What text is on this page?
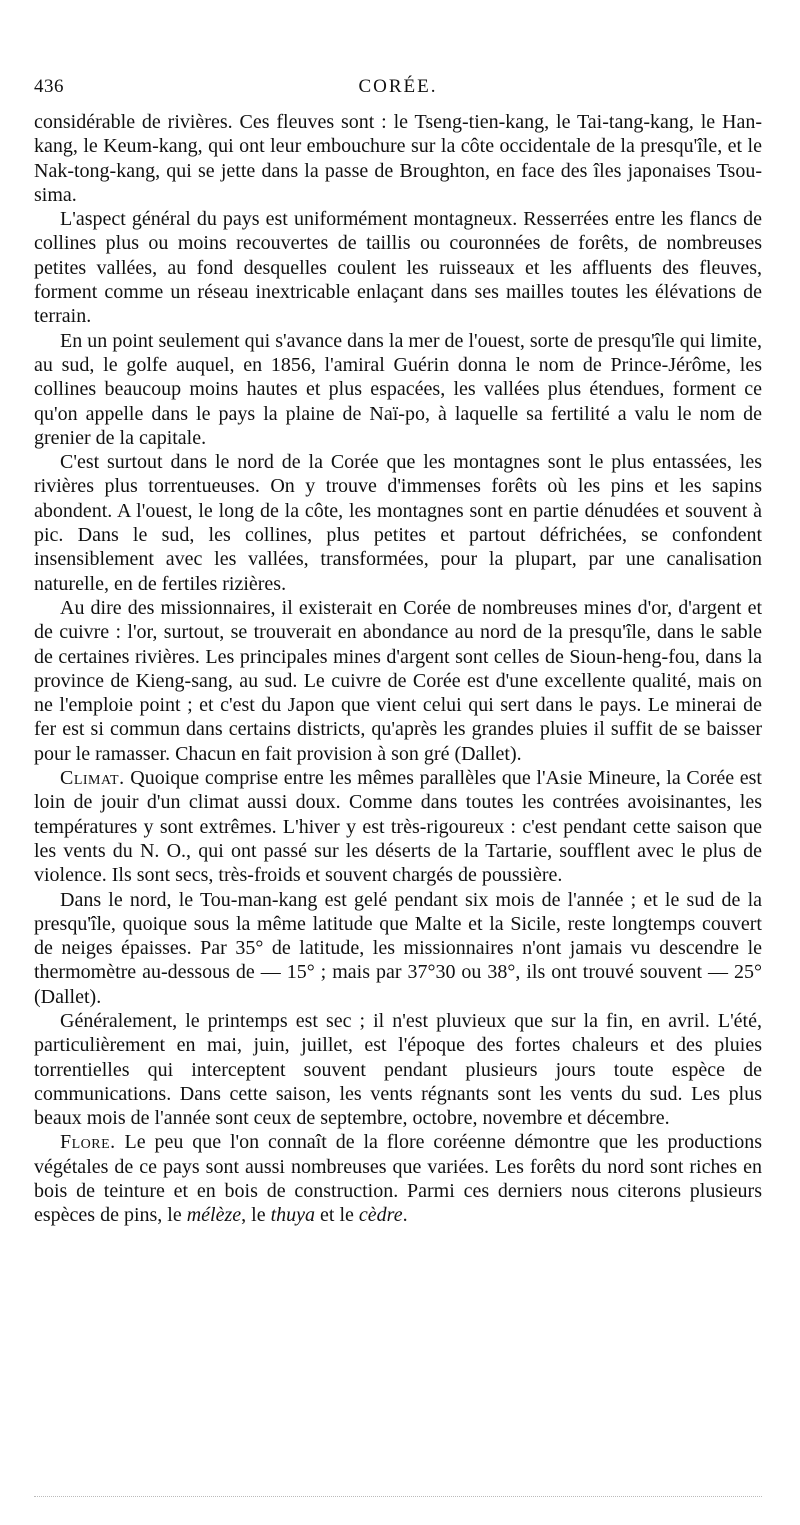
436	CORÉE.

considérable de rivières. Ces fleuves sont : le Tseng-tien-kang, le Tai-tang-kang, le Han-kang, le Keum-kang, qui ont leur embouchure sur la côte occidentale de la presqu'île, et le Nak-tong-kang, qui se jette dans la passe de Broughton, en face des îles japonaises Tsou-sima.

L'aspect général du pays est uniformément montagneux. Resserrées entre les flancs de collines plus ou moins recouvertes de taillis ou couronnées de forêts, de nombreuses petites vallées, au fond desquelles coulent les ruisseaux et les affluents des fleuves, forment comme un réseau inextricable enlaçant dans ses mailles toutes les élévations de terrain.

En un point seulement qui s'avance dans la mer de l'ouest, sorte de presqu'île qui limite, au sud, le golfe auquel, en 1856, l'amiral Guérin donna le nom de Prince-Jérôme, les collines beaucoup moins hautes et plus espacées, les vallées plus étendues, forment ce qu'on appelle dans le pays la plaine de Naï-po, à laquelle sa fertilité a valu le nom de grenier de la capitale.

C'est surtout dans le nord de la Corée que les montagnes sont le plus entassées, les rivières plus torrentueuses. On y trouve d'immenses forêts où les pins et les sapins abondent. A l'ouest, le long de la côte, les montagnes sont en partie dénudées et souvent à pic. Dans le sud, les collines, plus petites et partout défrichées, se confondent insensiblement avec les vallées, transformées, pour la plupart, par une canalisation naturelle, en de fertiles rizières.

Au dire des missionnaires, il existerait en Corée de nombreuses mines d'or, d'argent et de cuivre : l'or, surtout, se trouverait en abondance au nord de la presqu'île, dans le sable de certaines rivières. Les principales mines d'argent sont celles de Sioun-heng-fou, dans la province de Kieng-sang, au sud. Le cuivre de Corée est d'une excellente qualité, mais on ne l'emploie point ; et c'est du Japon que vient celui qui sert dans le pays. Le minerai de fer est si commun dans certains districts, qu'après les grandes pluies il suffit de se baisser pour le ramasser. Chacun en fait provision à son gré (Dallet).

Climat. Quoique comprise entre les mêmes parallèles que l'Asie Mineure, la Corée est loin de jouir d'un climat aussi doux. Comme dans toutes les contrées avoisinantes, les températures y sont extrêmes. L'hiver y est très-rigoureux : c'est pendant cette saison que les vents du N. O., qui ont passé sur les déserts de la Tartarie, soufflent avec le plus de violence. Ils sont secs, très-froids et souvent chargés de poussière.

Dans le nord, le Tou-man-kang est gelé pendant six mois de l'année ; et le sud de la presqu'île, quoique sous la même latitude que Malte et la Sicile, reste longtemps couvert de neiges épaisses. Par 35° de latitude, les missionnaires n'ont jamais vu descendre le thermomètre au-dessous de — 15° ; mais par 37°30 ou 38°, ils ont trouvé souvent — 25° (Dallet).

Généralement, le printemps est sec ; il n'est pluvieux que sur la fin, en avril. L'été, particulièrement en mai, juin, juillet, est l'époque des fortes chaleurs et des pluies torrentielles qui interceptent souvent pendant plusieurs jours toute espèce de communications. Dans cette saison, les vents régnants sont les vents du sud. Les plus beaux mois de l'année sont ceux de septembre, octobre, novembre et décembre.

Flore. Le peu que l'on connaît de la flore coréenne démontre que les productions végétales de ce pays sont aussi nombreuses que variées. Les forêts du nord sont riches en bois de teinture et en bois de construction. Parmi ces derniers nous citerons plusieurs espèces de pins, le mélèze, le thuya et le cèdre.
